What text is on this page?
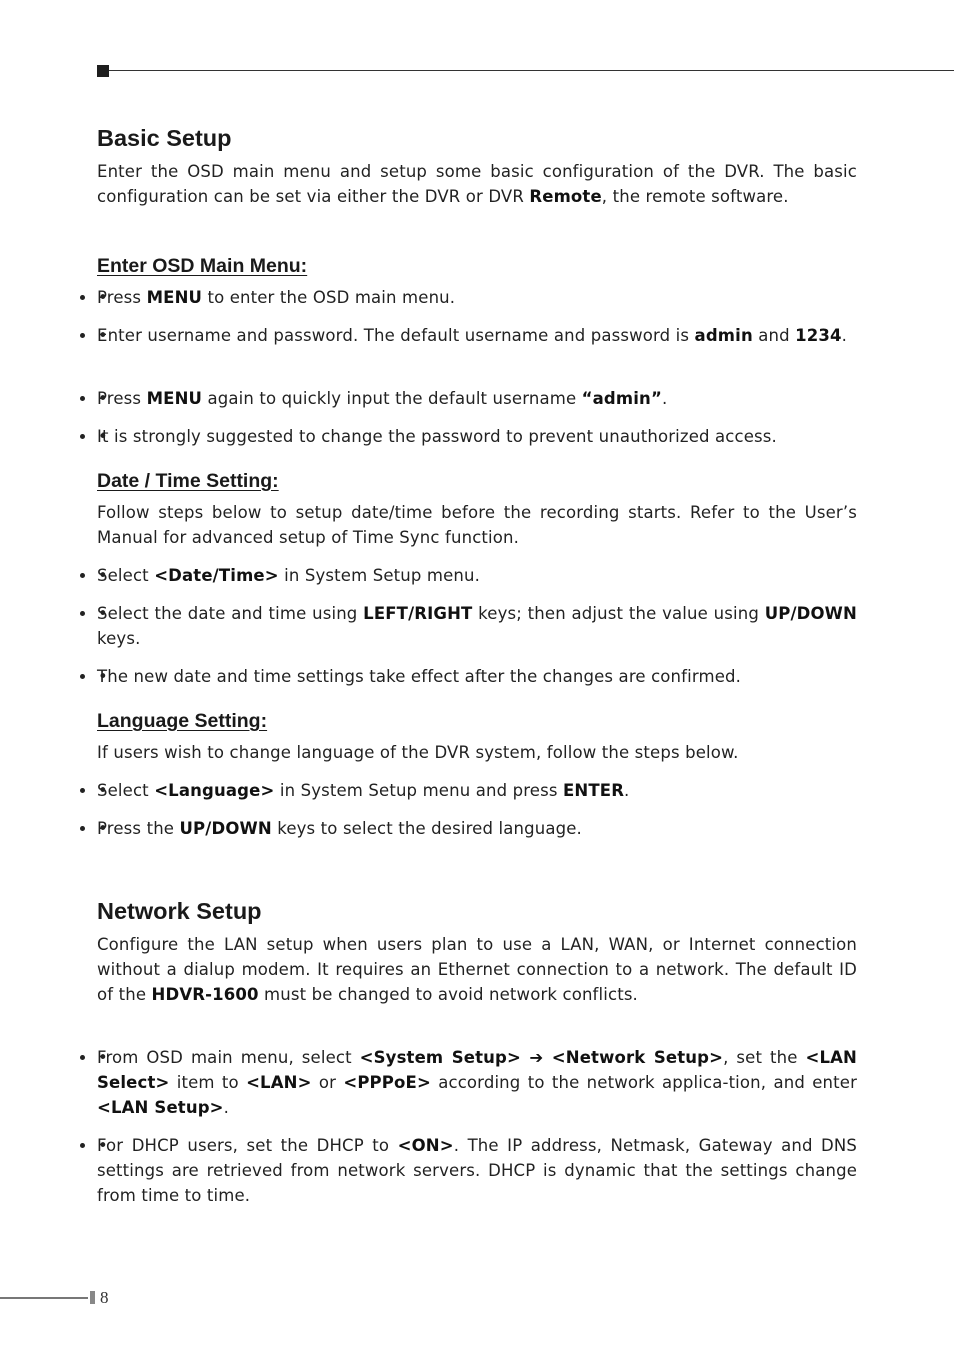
Basic Setup

Enter the OSD main menu and setup some basic configuration of the DVR. The basic configuration can be set via either the DVR or DVR Remote, the remote software.

Enter OSD Main Menu:
• • Press MENU to enter the OSD main menu.
• • Enter username and password. The default username and password is admin and 1234.
• • Press MENU again to quickly input the default username “admin”.
• • It is strongly suggested to change the password to prevent unauthorized access.
Date / Time Setting:

Follow steps below to setup date/time before the recording starts. Refer to the User’s Manual for advanced setup of Time Sync function.

• • Select <Date/Time> in System Setup menu.
• • Select the date and time using LEFT/RIGHT keys; then adjust the value using UP/DOWN keys.
• • The new date and time settings take effect after the changes are confirmed.
Language Setting:

If users wish to change language of the DVR system, follow the steps below.

• • Select <Language> in System Setup menu and press ENTER.
• • Press the UP/DOWN keys to select the desired language.
Network Setup

Configure the LAN setup when users plan to use a LAN, WAN, or Internet connection without a dialup modem. It requires an Ethernet connection to a network. The default ID of the HDVR-1600 must be changed to avoid network conflicts.

• • From OSD main menu, select <System Setup> ➔ <Network Setup>, set the <LAN Select> item to <LAN> or <PPPoE> according to the network applica-tion, and enter <LAN Setup>.
• • For DHCP users, set the DHCP to <ON>. The IP address, Netmask, Gateway and DNS settings are retrieved from network servers. DHCP is dynamic that the settings change from time to time.
8
